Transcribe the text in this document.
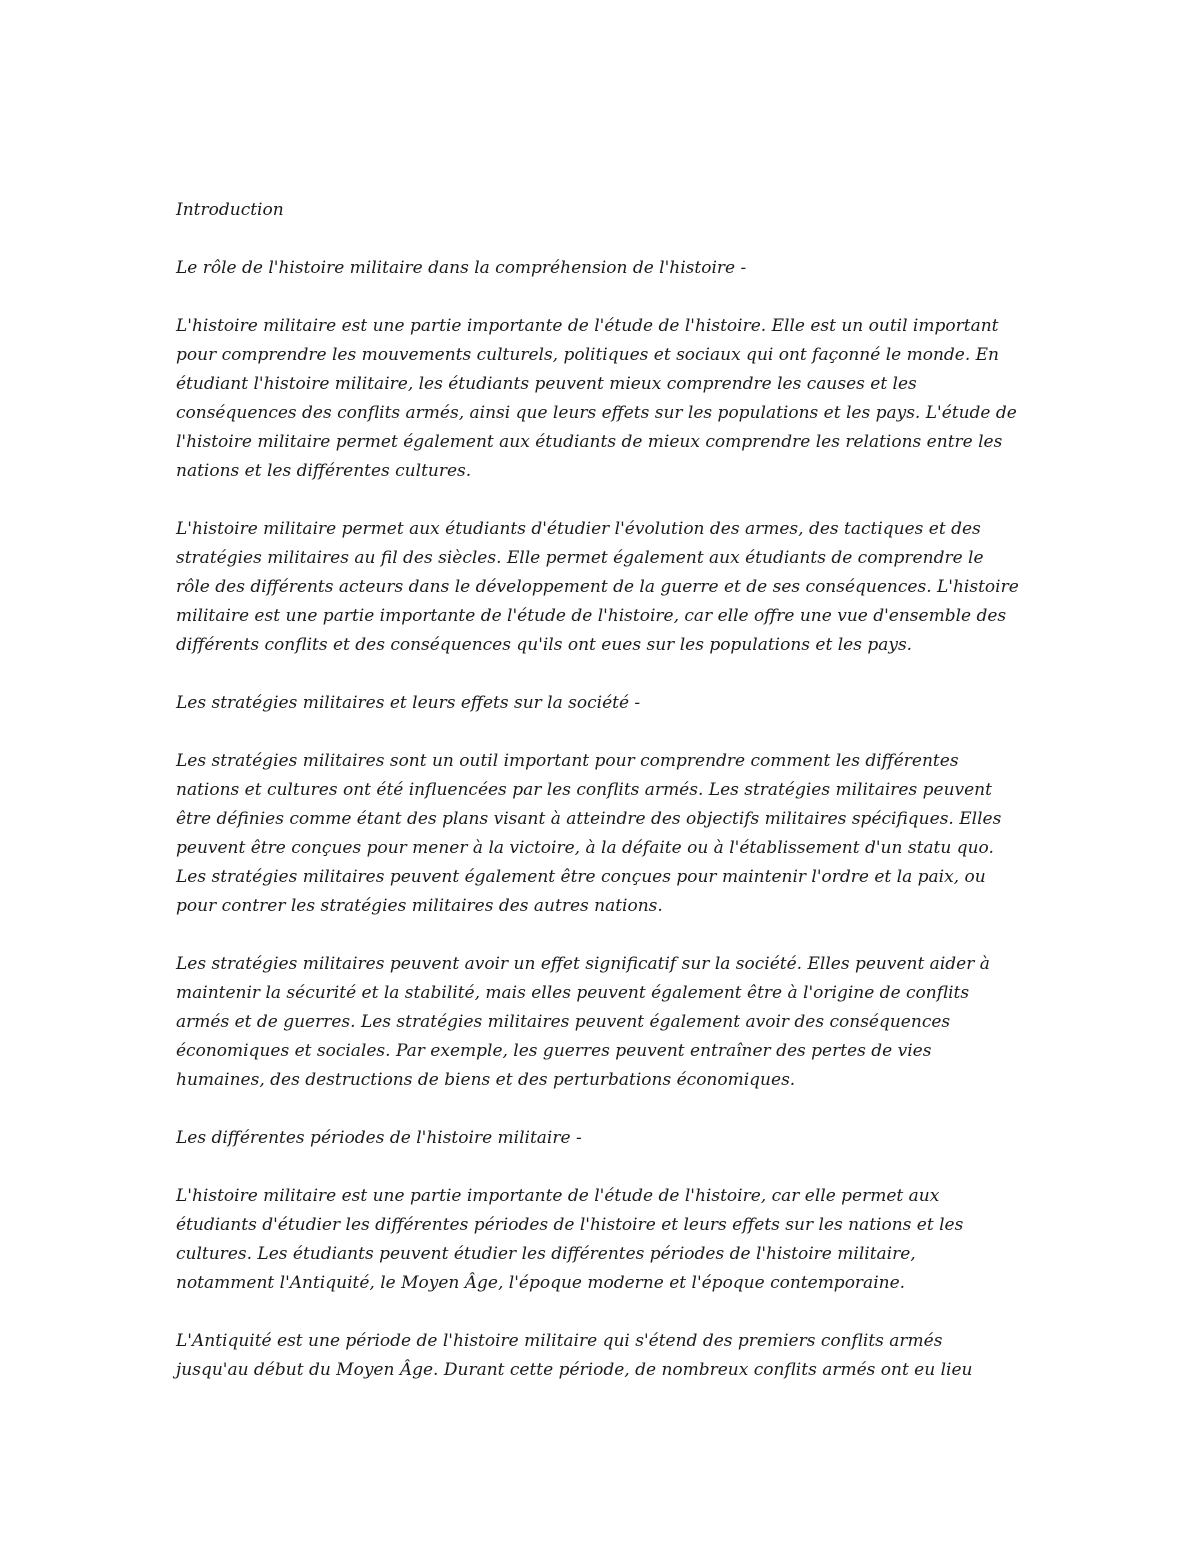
Introduction
Le rôle de l'histoire militaire dans la compréhension de l'histoire -
L'histoire militaire est une partie importante de l'étude de l'histoire. Elle est un outil important
pour comprendre les mouvements culturels, politiques et sociaux qui ont façonné le monde. En
étudiant l'histoire militaire, les étudiants peuvent mieux comprendre les causes et les
conséquences des conflits armés, ainsi que leurs effets sur les populations et les pays. L'étude de
l'histoire militaire permet également aux étudiants de mieux comprendre les relations entre les
nations et les différentes cultures.
L'histoire militaire permet aux étudiants d'étudier l'évolution des armes, des tactiques et des
stratégies militaires au fil des siècles. Elle permet également aux étudiants de comprendre le
rôle des différents acteurs dans le développement de la guerre et de ses conséquences. L'histoire
militaire est une partie importante de l'étude de l'histoire, car elle offre une vue d'ensemble des
différents conflits et des conséquences qu'ils ont eues sur les populations et les pays.
Les stratégies militaires et leurs effets sur la société -
Les stratégies militaires sont un outil important pour comprendre comment les différentes
nations et cultures ont été influencées par les conflits armés. Les stratégies militaires peuvent
être définies comme étant des plans visant à atteindre des objectifs militaires spécifiques. Elles
peuvent être conçues pour mener à la victoire, à la défaite ou à l'établissement d'un statu quo.
Les stratégies militaires peuvent également être conçues pour maintenir l'ordre et la paix, ou
pour contrer les stratégies militaires des autres nations.
Les stratégies militaires peuvent avoir un effet significatif sur la société. Elles peuvent aider à
maintenir la sécurité et la stabilité, mais elles peuvent également être à l'origine de conflits
armés et de guerres. Les stratégies militaires peuvent également avoir des conséquences
économiques et sociales. Par exemple, les guerres peuvent entraîner des pertes de vies
humaines, des destructions de biens et des perturbations économiques.
Les différentes périodes de l'histoire militaire -
L'histoire militaire est une partie importante de l'étude de l'histoire, car elle permet aux
étudiants d'étudier les différentes périodes de l'histoire et leurs effets sur les nations et les
cultures. Les étudiants peuvent étudier les différentes périodes de l'histoire militaire,
notamment l'Antiquité, le Moyen Âge, l'époque moderne et l'époque contemporaine.
L'Antiquité est une période de l'histoire militaire qui s'étend des premiers conflits armés
jusqu'au début du Moyen Âge. Durant cette période, de nombreux conflits armés ont eu lieu
